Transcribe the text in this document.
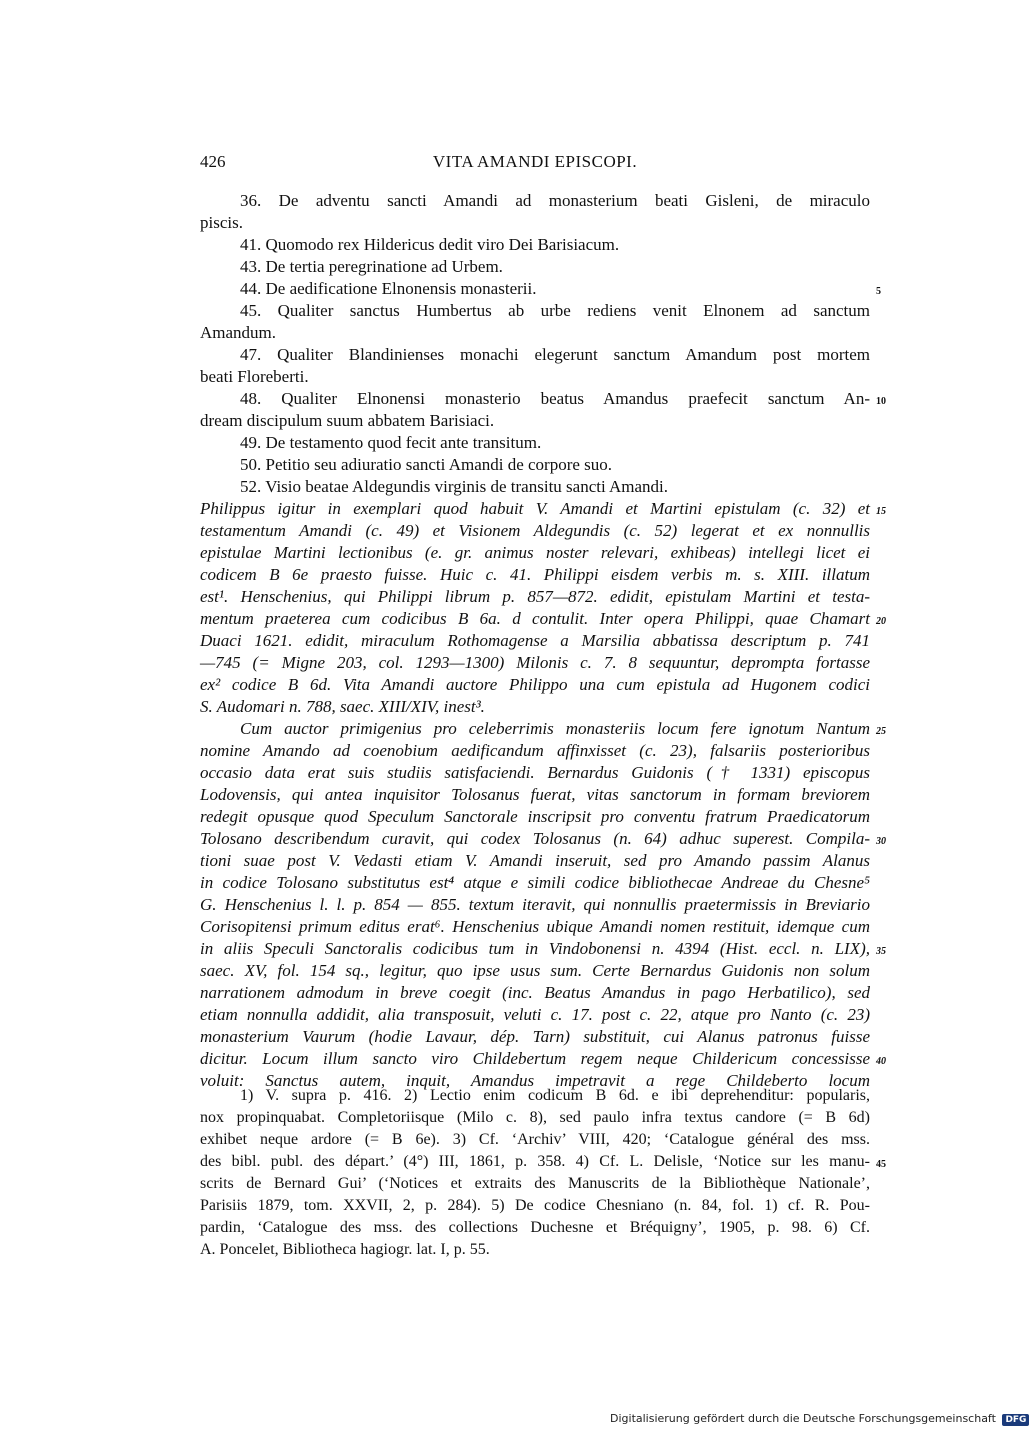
426	VITA AMANDI EPISCOPI.
36. De adventu sancti Amandi ad monasterium beati Gisleni, de miraculo
piscis.
41. Quomodo rex Hildericus dedit viro Dei Barisiacum.
43. De tertia peregrinatione ad Urbem.
44. De aedificatione Elnonensis monasterii.	5
45. Qualiter sanctus Humbertus ab urbe rediens venit Elnonem ad sanctum
Amandum.
47. Qualiter Blandinienses monachi elegerunt sanctum Amandum post mortem
beati Floreberti.
48. Qualiter Elnonensi monasterio beatus Amandus praefecit sanctum An- 10
dream discipulum suum abbatem Barisiaci.
49. De testamento quod fecit ante transitum.
50. Petitio seu adiuratio sancti Amandi de corpore suo.
52. Visio beatae Aldegundis virginis de transitu sancti Amandi.
Philippus igitur in exemplari quod habuit V. Amandi et Martini epistulam (c. 32) et 15
testamentum Amandi (c. 49) et Visionem Aldegundis (c. 52) legerat et ex nonnullis
epistulae Martini lectionibus (e. gr. animus noster relevari, exhibeas) intellegi licet ei
codicem B 6e praesto fuisse. Huic c. 41. Philippi eisdem verbis m. s. XIII. illatum
est¹. Henschenius, qui Philippi librum p. 857—872. edidit, epistulam Martini et testa-
mentum praeterea cum codicibus B 6a. d contulit. Inter opera Philippi, quae Chamart 20
Duaci 1621. edidit, miraculum Rothomagense a Marsilia abbatissa descriptum p. 741
—745 (= Migne 203, col. 1293—1300) Milonis c. 7. 8 sequuntur, deprompta fortasse
ex² codice B 6d. Vita Amandi auctore Philippo una cum epistula ad Hugonem codici
S. Audomari n. 788, saec. XIII/XIV, inest³.
Cum auctor primigenius pro celeberrimis monasteriis locum fere ignotum Nantum 25
nomine Amando ad coenobium aedificandum affinxisset (c. 23), falsariis posterioribus
occasio data erat suis studiis satisfaciendi. Bernardus Guidonis († 1331) episcopus
Lodovensis, qui antea inquisitor Tolosanus fuerat, vitas sanctorum in formam breviorem
redegit opusque quod Speculum Sanctorale inscripsit pro conventu fratrum Praedicatorum
Tolosano describendum curavit, qui codex Tolosanus (n. 64) adhuc superest. Compila- 30
tioni suae post V. Vedasti etiam V. Amandi inseruit, sed pro Amando passim Alanus
in codice Tolosano substitutus est⁴ atque e simili codice bibliothecae Andreae du Chesne⁵
G. Henschenius l. l. p. 854 — 855. textum iteravit, qui nonnullis praetermissis in Breviario
Corisopitensi primum editus erat⁶. Henschenius ubique Amandi nomen restituit, idemque cum
in aliis Speculi Sanctoralis codicibus tum in Vindobonensi n. 4394 (Hist. eccl. n. LIX), 35
saec. XV, fol. 154 sq., legitur, quo ipse usus sum. Certe Bernardus Guidonis non solum
narrationem admodum in breve coegit (inc. Beatus Amandus in pago Herbatilico), sed
etiam nonnulla addidit, alia transposuit, veluti c. 17. post c. 22, atque pro Nanto (c. 23)
monasterium Vaurum (hodie Lavaur, dép. Tarn) substituit, cui Alanus patronus fuisse
dicitur. Locum illum sancto viro Childebertum regem neque Childericum concessisse 40
voluit: Sanctus autem, inquit, Amandus impetravit a rege Childeberto locum
1) V. supra p. 416. 2) Lectio enim codicum B 6d. e ibi deprehenditur: popularis,
nox propinquabat. Completoriisque (Milo c. 8), sed paulo infra textus candore (= B 6d)
exhibet neque ardore (= B 6e). 3) Cf. ‘Archiv’ VIII, 420; ‘Catalogue général des mss.
des bibl. publ. des départ.’ (4°) III, 1861, p. 358. 4) Cf. L. Delisle, ‘Notice sur les manu- 45
scrits de Bernard Gui’ (‘Notices et extraits des Manuscrits de la Bibliothèque Nationale’,
Parisiis 1879, tom. XXVII, 2, p. 284). 5) De codice Chesniano (n. 84, fol. 1) cf. R. Pou-
pardin, ‘Catalogue des mss. des collections Duchesne et Bréquigny’, 1905, p. 98. 6) Cf.
A. Poncelet, Bibliotheca hagiogr. lat. I, p. 55.
Digitalisierung gefördert durch die Deutsche Forschungsgemeinschaft DFG
